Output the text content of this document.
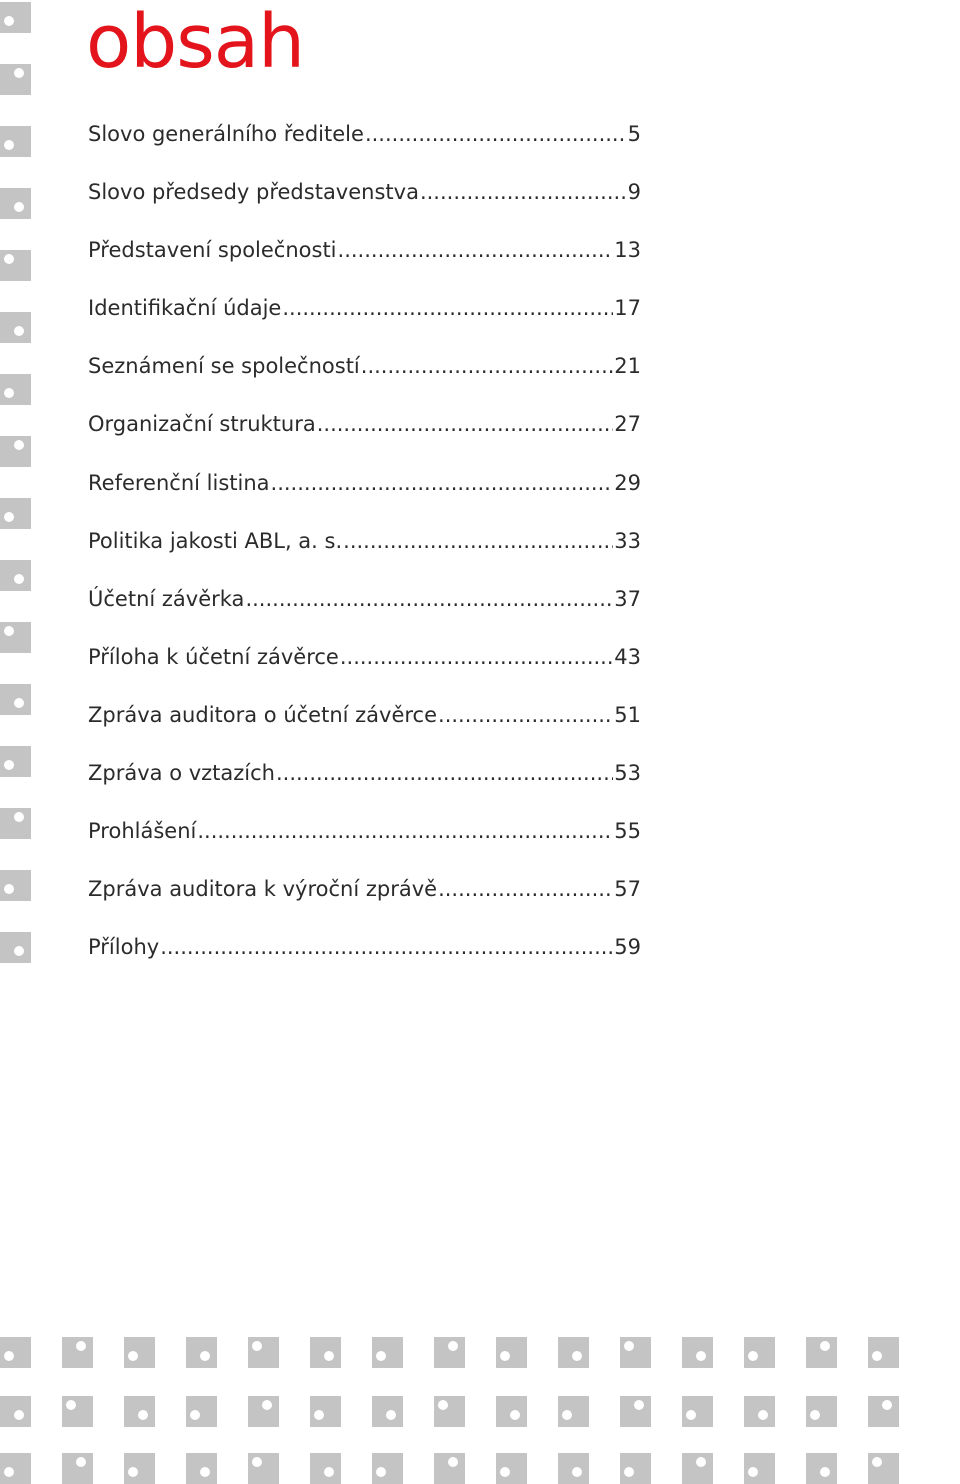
obsah
Slovo generálního ředitele .....	5
Slovo předsedy představenstva .....	9
Představení společnosti .....	13
Identifikační údaje .....	17
Seznámení se společností .....	21
Organizační struktura .....	27
Referenční listina .....	29
Politika jakosti ABL, a. s. .....	33
Účetní závěrka .....	37
Příloha k účetní závěrce .....	43
Zpráva auditora o účetní závěrce .....	51
Zpráva o vztazích .....	53
Prohlášení .....	55
Zpráva auditora k výroční zprávě .....	57
Přílohy .....	59
